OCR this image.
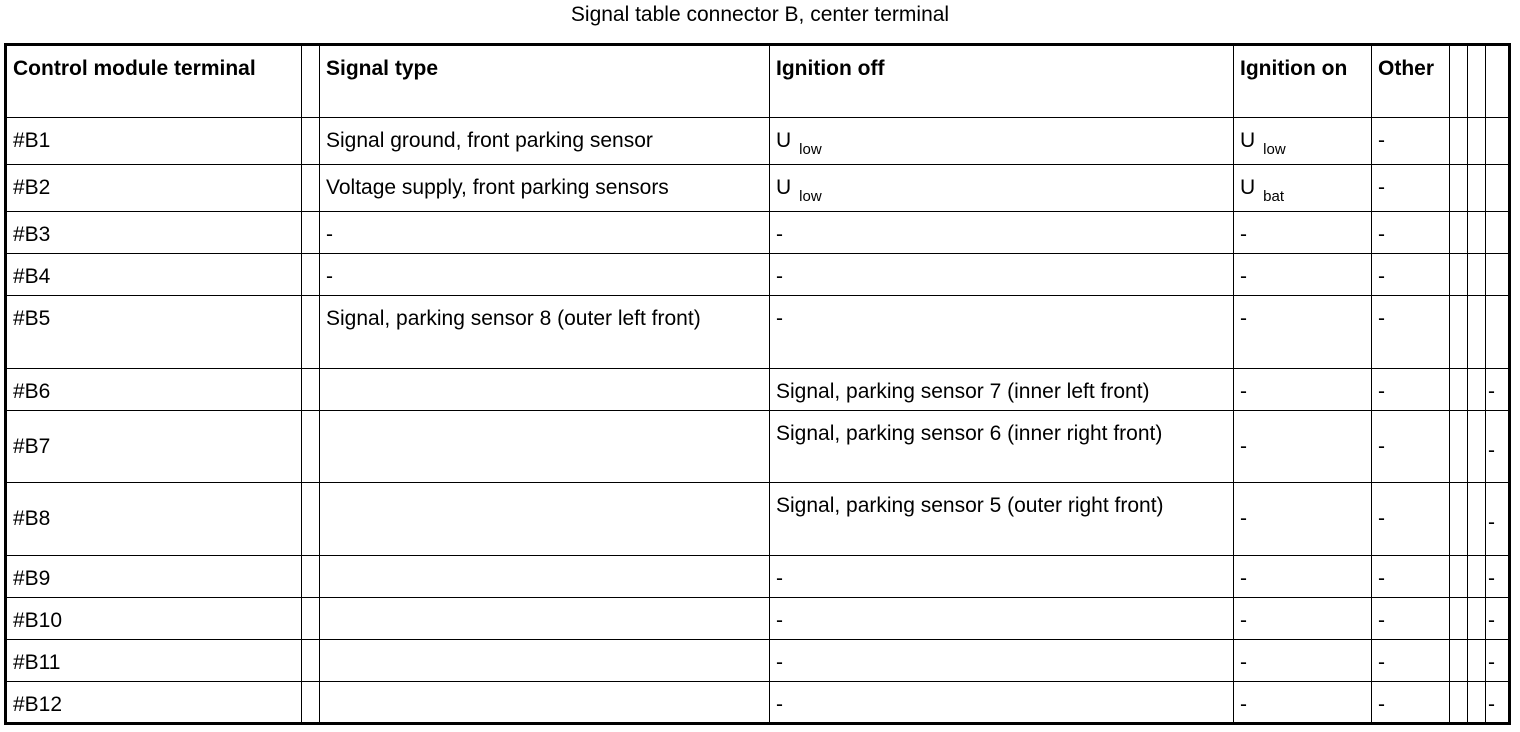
Signal table connector B, center terminal
Control module terminal		Signal type	Ignition off	Ignition on	Other			
#B1		Signal ground, front parking sensor	U $_{low}$	U $_{low}$	-			
#B2		Voltage supply, front parking sensors	U $_{low}$	U $_{bat}$	-			
#B3		-	-	-	-			
#B4		-	-	-	-			
#B5		Signal, parking sensor 8 (outer left front)	-	-	-			
#B6			Signal, parking sensor 7 (inner left front)	-	-			-
#B7			Signal, parking sensor 6 (inner right front)	-	-			-
#B8			Signal, parking sensor 5 (outer right front)	-	-			-
#B9			-	-	-			-
#B10			-	-	-			-
#B11			-	-	-			-
#B12			-	-	-			-
